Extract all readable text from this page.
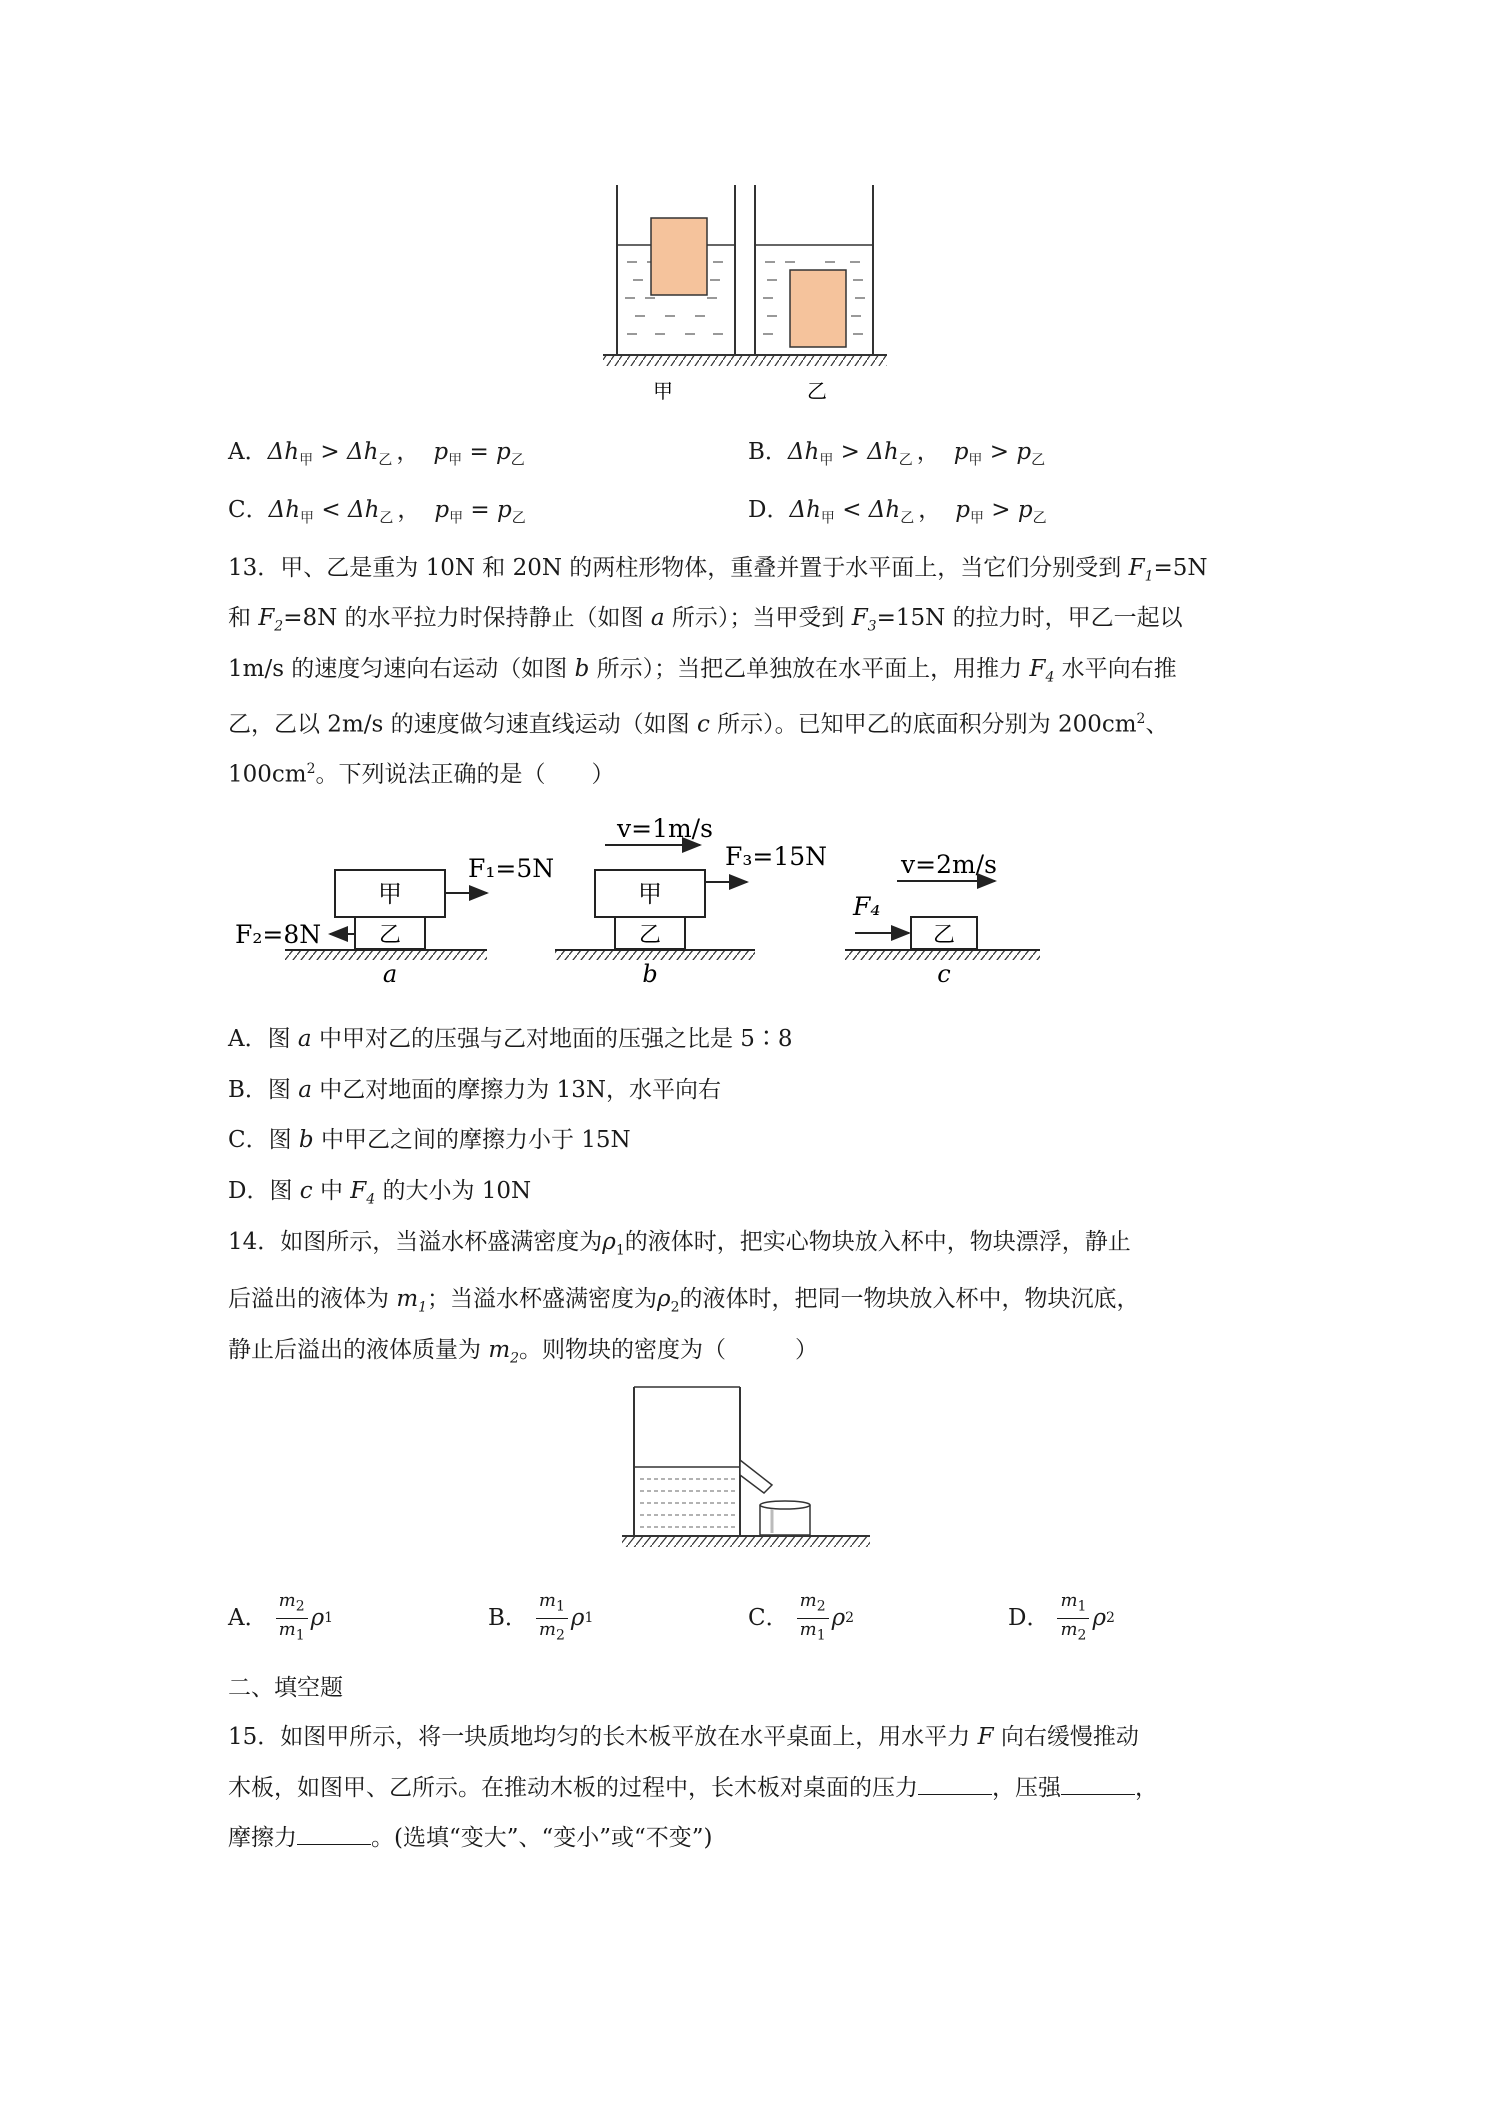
甲	乙
A．$\Delta h_甲 > \Delta h_乙$ ， $p_甲 = p_乙$	B．$\Delta h_甲 > \Delta h_乙$ ， $p_甲 > p_乙$
C．$\Delta h_甲 < \Delta h_乙$ ， $p_甲 = p_乙$	D．$\Delta h_甲 < \Delta h_乙$ ， $p_甲 > p_乙$
13．甲、乙是重为 10N 和 20N 的两柱形物体，重叠并置于水平面上，当它们分别受到 $F_1=5N$
和 $F_2=8N$ 的水平拉力时保持静止（如图 a 所示）；当甲受到 $F_3=15N$ 的拉力时，甲乙一起以
1m/s 的速度匀速向右运动（如图 b 所示）；当把乙单独放在水平面上，用推力 $F_4$ 水平向右推
乙，乙以 2m/s 的速度做匀速直线运动（如图 c 所示）。已知甲乙的底面积分别为 $200cm^2$、
$100cm^2$。下列说法正确的是（　　）
甲
乙
F₁=5N
F₂=8N
a
v=1m/s
甲
乙
F₃=15N
b
v=2m/s
乙
F₄
c
A．图 a 中甲对乙的压强与乙对地面的压强之比是 5∶8
B．图 a 中乙对地面的摩擦力为 13N，水平向右
C．图 b 中甲乙之间的摩擦力小于 15N
D．图 c 中 $F_4$ 的大小为 10N
14．如图所示，当溢水杯盛满密度为$\rho_1$的液体时，把实心物块放入杯中，物块漂浮，静止
后溢出的液体为 $m_1$；当溢水杯盛满密度为$\rho_2$的液体时，把同一物块放入杯中，物块沉底，
静止后溢出的液体质量为 $m_2$。则物块的密度为（　　　）
A． $\frac{m_2}{m_1}$ ρ 1	B． $\frac{m_1}{m_2}$ ρ 1	C． $\frac{m_2}{m_1}$ ρ 2	D． $\frac{m_1}{m_2}$ ρ 2
二、填空题
15．如图甲所示，将一块质地均匀的长木板平放在水平桌面上，用水平力 F 向右缓慢推动
木板，如图甲、乙所示。在推动木板的过程中，长木板对桌面的压力	，压强	，
摩擦力	。(选填“变大”、“变小”或“不变”)
